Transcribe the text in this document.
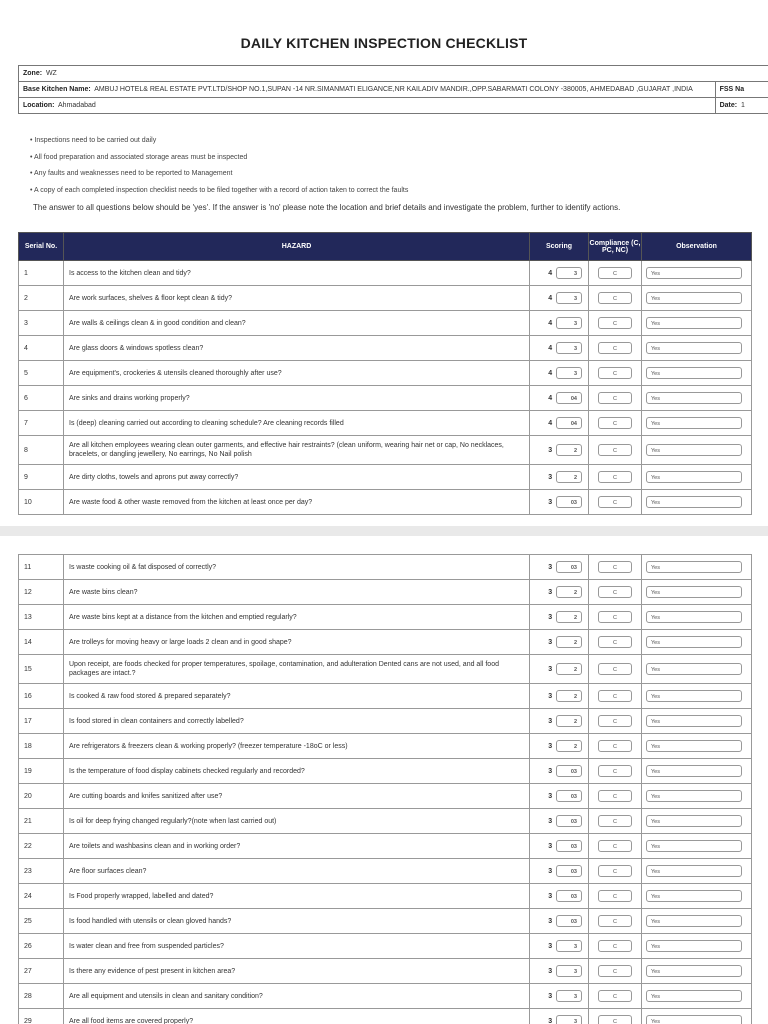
DAILY KITCHEN INSPECTION CHECKLIST
Zone: WZ	
Base Kitchen Name: AMBUJ HOTEL& REAL ESTATE PVT.LTD/SHOP NO.1,SUPAN -14 NR.SIMANMATI ELIGANCE,NR KAILADIV MANDIR.,OPP.SABARMATI COLONY -380005, AHMEDABAD ,GUJARAT ,INDIA	FSS Na
Location: Ahmadabad	Date: 1
• Inspections need to be carried out daily
• All food preparation and associated storage areas must be inspected
• Any faults and weaknesses need to be reported to Management
• A copy of each completed inspection checklist needs to be filed together with a record of action taken to correct the faults
The answer to all questions below should be 'yes'. If the answer is 'no' please note the location and brief details and investigate the problem, further to identify actions.
Serial No.	HAZARD	Scoring	Compliance (C, PC, NC)	Observation
1	Is access to the kitchen clean and tidy?	4 3	C	Yes
2	Are work surfaces, shelves & floor kept clean & tidy?	4 3	C	Yes
3	Are walls & ceilings clean & in good condition and clean?	4 3	C	Yes
4	Are glass doors & windows spotless clean?	4 3	C	Yes
5	Are equipment's, crockeries & utensils cleaned thoroughly after use?	4 3	C	Yes
6	Are sinks and drains working properly?	4 04	C	Yes
7	Is (deep) cleaning carried out according to cleaning schedule? Are cleaning records filled	4 04	C	Yes
8	Are all kitchen employees wearing clean outer garments, and effective hair restraints? (clean uniform, wearing hair net or cap, No necklaces, bracelets, or dangling jewellery, No earrings, No Nail polish	3 2	C	Yes
9	Are dirty cloths, towels and aprons put away correctly?	3 2	C	Yes
10	Are waste food & other waste removed from the kitchen at least once per day?	3 03	C	Yes
11	Is waste cooking oil & fat disposed of correctly?	3 03	C	Yes
12	Are waste bins clean?	3 2	C	Yes
13	Are waste bins kept at a distance from the kitchen and emptied regularly?	3 2	C	Yes
14	Are trolleys for moving heavy or large loads 2 clean and in good shape?	3 2	C	Yes
15	Upon receipt, are foods checked for proper temperatures, spoilage, contamination, and adulteration Dented cans are not used, and all food packages are intact.?	3 2	C	Yes
16	Is cooked & raw food stored & prepared separately?	3 2	C	Yes
17	Is food stored in clean containers and correctly labelled?	3 2	C	Yes
18	Are refrigerators & freezers clean & working properly? (freezer temperature -18oC or less)	3 2	C	Yes
19	Is the temperature of food display cabinets checked regularly and recorded?	3 03	C	Yes
20	Are cutting boards and knifes sanitized after use?	3 03	C	Yes
21	Is oil for deep frying changed regularly?(note when last carried out)	3 03	C	Yes
22	Are toilets and washbasins clean and in working order?	3 03	C	Yes
23	Are floor surfaces clean?	3 03	C	Yes
24	Is Food properly wrapped, labelled and dated?	3 03	C	Yes
25	Is food handled with utensils or clean gloved hands?	3 03	C	Yes
26	Is water clean and free from suspended particles?	3 3	C	Yes
27	Is there any evidence of pest present in kitchen area?	3 3	C	Yes
28	Are all equipment and utensils in clean and sanitary condition?	3 3	C	Yes
29	Are all food items are covered properly?	3 3	C	Yes
